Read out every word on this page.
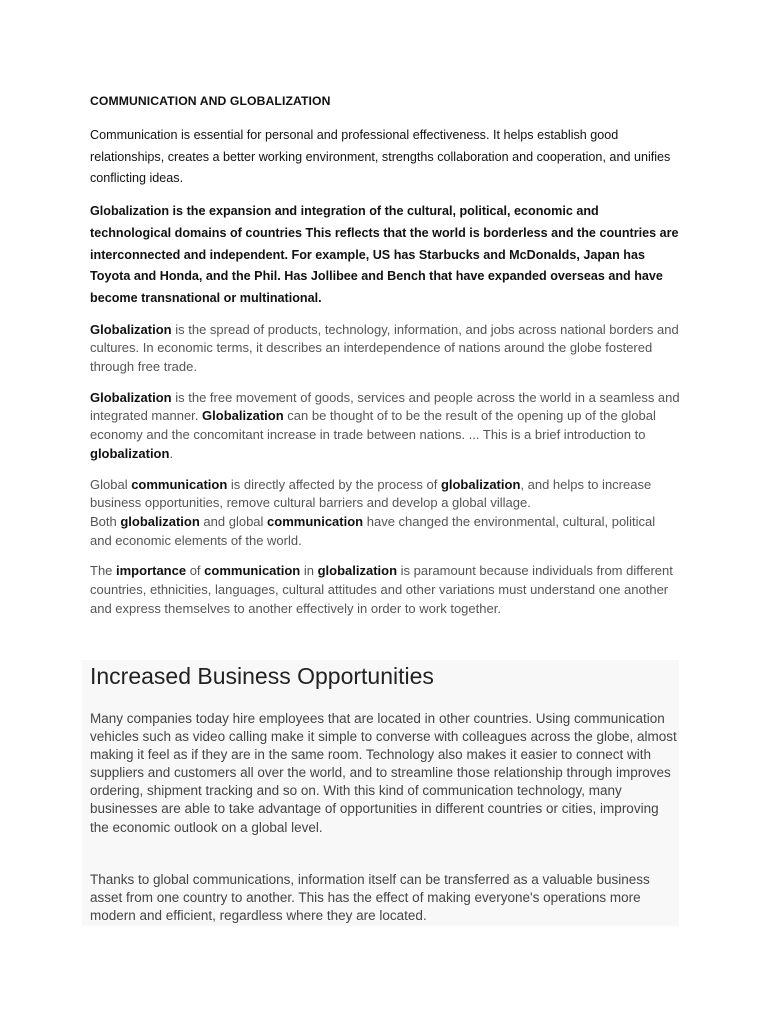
COMMUNICATION AND GLOBALIZATION

Communication is essential for personal and professional effectiveness. It helps establish good relationships, creates a better working environment, strengths collaboration and cooperation, and unifies conflicting ideas.

Globalization is the expansion and integration of the cultural, political, economic and technological domains of countries This reflects that the world is borderless and the countries are interconnected and independent. For example, US has Starbucks and McDonalds, Japan has Toyota and Honda, and the Phil. Has Jollibee and Bench that have expanded overseas and have become transnational or multinational.

Globalization is the spread of products, technology, information, and jobs across national borders and cultures. In economic terms, it describes an interdependence of nations around the globe fostered through free trade.

Globalization is the free movement of goods, services and people across the world in a seamless and integrated manner. Globalization can be thought of to be the result of the opening up of the global economy and the concomitant increase in trade between nations. ... This is a brief introduction to globalization.

Global communication is directly affected by the process of globalization, and helps to increase business opportunities, remove cultural barriers and develop a global village.
Both globalization and global communication have changed the environmental, cultural, political and economic elements of the world.

The importance of communication in globalization is paramount because individuals from different countries, ethnicities, languages, cultural attitudes and other variations must understand one another and express themselves to another effectively in order to work together.

Increased Business Opportunities

Many companies today hire employees that are located in other countries. Using communication vehicles such as video calling make it simple to converse with colleagues across the globe, almost making it feel as if they are in the same room. Technology also makes it easier to connect with suppliers and customers all over the world, and to streamline those relationship through improves ordering, shipment tracking and so on. With this kind of communication technology, many businesses are able to take advantage of opportunities in different countries or cities, improving the economic outlook on a global level.

Thanks to global communications, information itself can be transferred as a valuable business asset from one country to another. This has the effect of making everyone's operations more modern and efficient, regardless where they are located.
